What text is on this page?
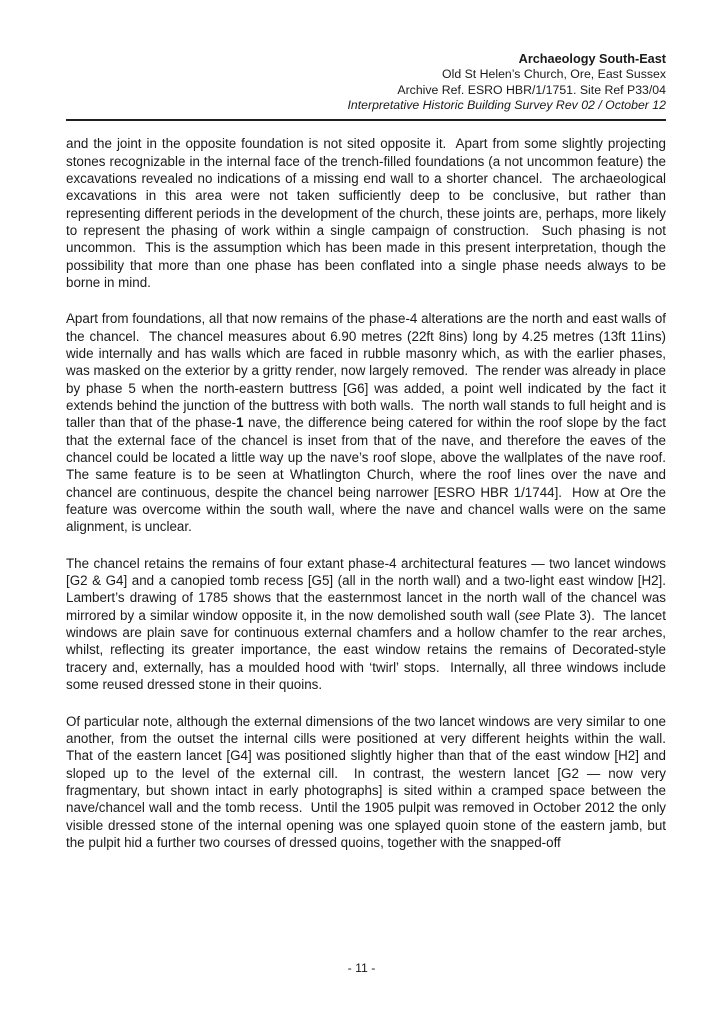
Archaeology South-East
Old St Helen’s Church, Ore, East Sussex
Archive Ref. ESRO HBR/1/1751. Site Ref P33/04
Interpretative Historic Building Survey Rev 02 / October 12

and the joint in the opposite foundation is not sited opposite it.  Apart from some slightly projecting stones recognizable in the internal face of the trench-filled foundations (a not uncommon feature) the excavations revealed no indications of a missing end wall to a shorter chancel.  The archaeological excavations in this area were not taken sufficiently deep to be conclusive, but rather than representing different periods in the development of the church, these joints are, perhaps, more likely to represent the phasing of work within a single campaign of construction.  Such phasing is not uncommon.  This is the assumption which has been made in this present interpretation, though the possibility that more than one phase has been conflated into a single phase needs always to be borne in mind.

Apart from foundations, all that now remains of the phase-4 alterations are the north and east walls of the chancel.  The chancel measures about 6.90 metres (22ft 8ins) long by 4.25 metres (13ft 11ins) wide internally and has walls which are faced in rubble masonry which, as with the earlier phases, was masked on the exterior by a gritty render, now largely removed.  The render was already in place by phase 5 when the north-eastern buttress [G6] was added, a point well indicated by the fact it extends behind the junction of the buttress with both walls.  The north wall stands to full height and is taller than that of the phase-1 nave, the difference being catered for within the roof slope by the fact that the external face of the chancel is inset from that of the nave, and therefore the eaves of the chancel could be located a little way up the nave’s roof slope, above the wallplates of the nave roof.  The same feature is to be seen at Whatlington Church, where the roof lines over the nave and chancel are continuous, despite the chancel being narrower [ESRO HBR 1/1744].  How at Ore the feature was overcome within the south wall, where the nave and chancel walls were on the same alignment, is unclear.

The chancel retains the remains of four extant phase-4 architectural features — two lancet windows [G2 & G4] and a canopied tomb recess [G5] (all in the north wall) and a two-light east window [H2].  Lambert’s drawing of 1785 shows that the easternmost lancet in the north wall of the chancel was mirrored by a similar window opposite it, in the now demolished south wall (see Plate 3).  The lancet windows are plain save for continuous external chamfers and a hollow chamfer to the rear arches, whilst, reflecting its greater importance, the east window retains the remains of Decorated-style tracery and, externally, has a moulded hood with ‘twirl’ stops.  Internally, all three windows include some reused dressed stone in their quoins.

Of particular note, although the external dimensions of the two lancet windows are very similar to one another, from the outset the internal cills were positioned at very different heights within the wall.  That of the eastern lancet [G4] was positioned slightly higher than that of the east window [H2] and sloped up to the level of the external cill.  In contrast, the western lancet [G2 — now very fragmentary, but shown intact in early photographs] is sited within a cramped space between the nave/chancel wall and the tomb recess.  Until the 1905 pulpit was removed in October 2012 the only visible dressed stone of the internal opening was one splayed quoin stone of the eastern jamb, but the pulpit hid a further two courses of dressed quoins, together with the snapped-off

- 11 -
